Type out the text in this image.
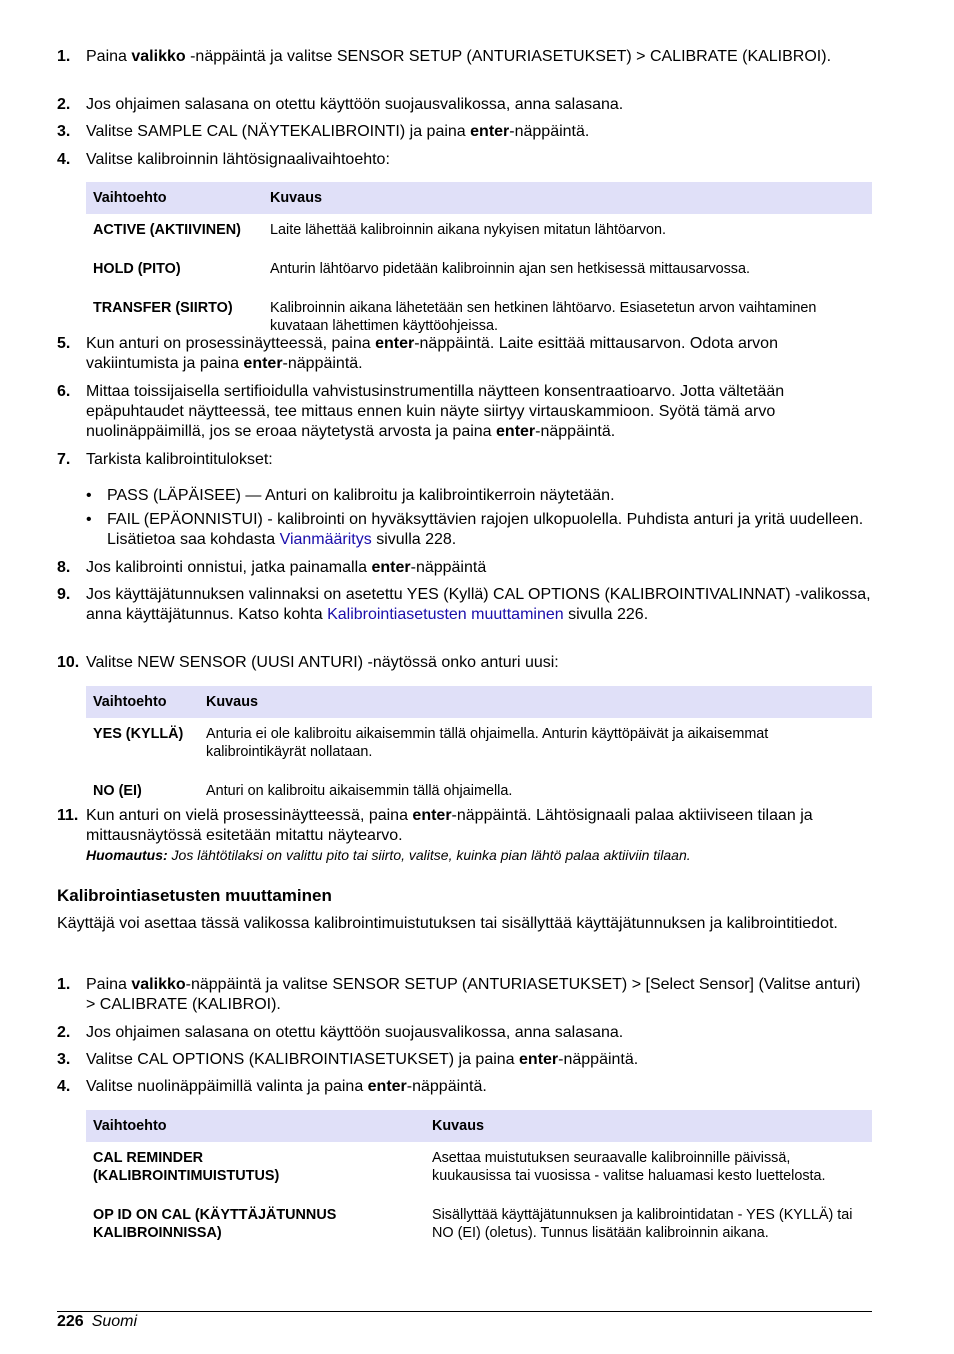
1. Paina valikko -näppäintä ja valitse SENSOR SETUP (ANTURIASETUKSET) > CALIBRATE (KALIBROI).
2. Jos ohjaimen salasana on otettu käyttöön suojausvalikossa, anna salasana.
3. Valitse SAMPLE CAL (NÄYTEKALIBROINTI) ja paina enter-näppäintä.
4. Valitse kalibroinnin lähtösignaalivaihtoehto:
Vaihtoehto	Kuvaus
ACTIVE (AKTIIVINEN)	Laite lähettää kalibroinnin aikana nykyisen mitatun lähtöarvon.
HOLD (PITO)	Anturin lähtöarvo pidetään kalibroinnin ajan sen hetkisessä mittausarvossa.
TRANSFER (SIIRTO)	Kalibroinnin aikana lähetetään sen hetkinen lähtöarvo. Esiasetetun arvon vaihtaminen kuvataan lähettimen käyttöohjeissa.
5. Kun anturi on prosessinäytteessä, paina enter-näppäintä. Laite esittää mittausarvon. Odota arvon vakiintumista ja paina enter-näppäintä.
6. Mittaa toissijaisella sertifioidulla vahvistusinstrumentilla näytteen konsentraatioarvo. Jotta vältetään epäpuhtaudet näytteessä, tee mittaus ennen kuin näyte siirtyy virtauskammioon. Syötä tämä arvo nuolinäppäimillä, jos se eroaa näytetystä arvosta ja paina enter-näppäintä.
7. Tarkista kalibrointitulokset:
• PASS (LÄPÄISEE) — Anturi on kalibroitu ja kalibrointikerroin näytetään.
• FAIL (EPÄONNISTUI) - kalibrointi on hyväksyttävien rajojen ulkopuolella. Puhdista anturi ja yritä uudelleen. Lisätietoa saa kohdasta Vianmääritys sivulla 228.
8. Jos kalibrointi onnistui, jatka painamalla enter-näppäintä
9. Jos käyttäjätunnuksen valinnaksi on asetettu YES (Kyllä) CAL OPTIONS (KALIBROINTIVALINNAT) -valikossa, anna käyttäjätunnus. Katso kohta Kalibrointiasetusten muuttaminen sivulla 226.
10. Valitse NEW SENSOR (UUSI ANTURI) -näytössä onko anturi uusi:
Vaihtoehto	Kuvaus
YES (KYLLÄ)	Anturia ei ole kalibroitu aikaisemmin tällä ohjaimella. Anturin käyttöpäivät ja aikaisemmat kalibrointikäyrät nollataan.
NO (EI)	Anturi on kalibroitu aikaisemmin tällä ohjaimella.
11. Kun anturi on vielä prosessinäytteessä, paina enter-näppäintä. Lähtösignaali palaa aktiiviseen tilaan ja mittausnäytössä esitetään mitattu näytearvo.
Huomautus: Jos lähtötilaksi on valittu pito tai siirto, valitse, kuinka pian lähtö palaa aktiiviin tilaan.
Kalibrointiasetusten muuttaminen
Käyttäjä voi asettaa tässä valikossa kalibrointimuistutuksen tai sisällyttää käyttäjätunnuksen ja kalibrointitiedot.
1. Paina valikko-näppäintä ja valitse SENSOR SETUP (ANTURIASETUKSET) > [Select Sensor] (Valitse anturi) > CALIBRATE (KALIBROI).
2. Jos ohjaimen salasana on otettu käyttöön suojausvalikossa, anna salasana.
3. Valitse CAL OPTIONS (KALIBROINTIASETUKSET) ja paina enter-näppäintä.
4. Valitse nuolinäppäimillä valinta ja paina enter-näppäintä.
Vaihtoehto	Kuvaus
CAL REMINDER (KALIBROINTIMUISTUTUS)	Asettaa muistutuksen seuraavalle kalibroinnille päivissä, kuukausissa tai vuosissa - valitse haluamasi kesto luettelosta.
OP ID ON CAL (KÄYTTÄJÄTUNNUS KALIBROINNISSA)	Sisällyttää käyttäjätunnuksen ja kalibrointidatan - YES (KYLLÄ) tai NO (EI) (oletus). Tunnus lisätään kalibroinnin aikana.
226 Suomi
